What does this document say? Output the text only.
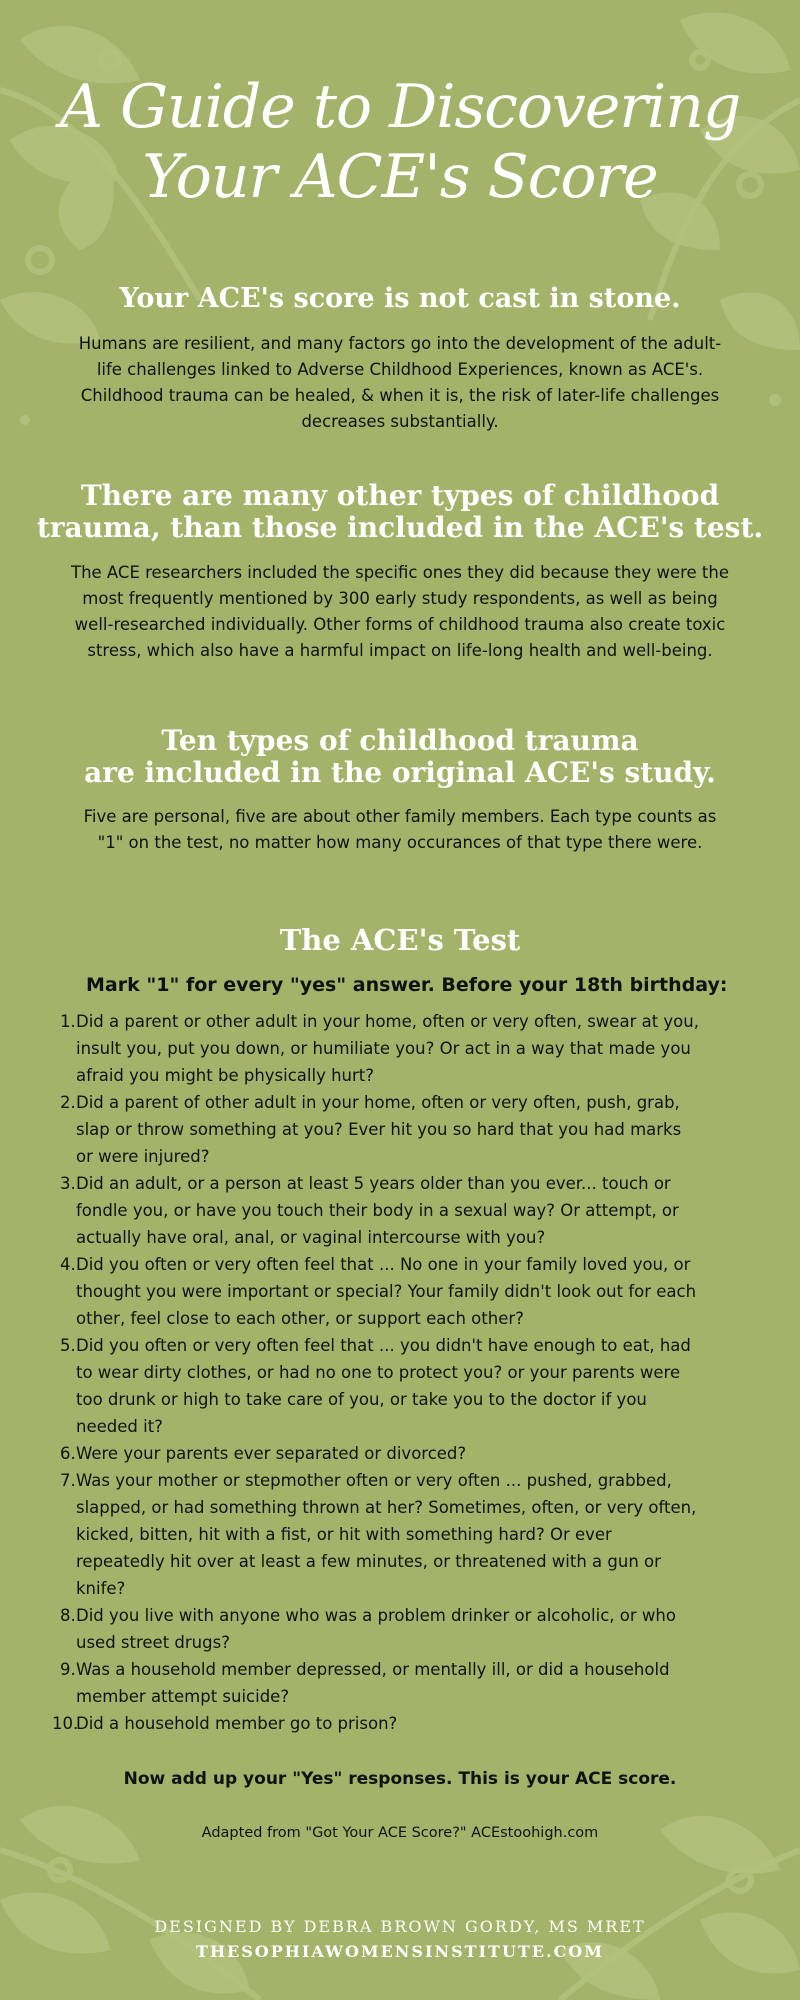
A Guide to Discovering
Your ACE's Score
Your ACE's score is not cast in stone.
Humans are resilient, and many factors go into the development of the adult-
life challenges linked to Adverse Childhood Experiences, known as ACE's.
Childhood trauma can be healed, & when it is, the risk of later-life challenges
decreases substantially.
There are many other types of childhood
trauma, than those included in the ACE's test.
The ACE researchers included the specific ones they did because they were the
most frequently mentioned by 300 early study respondents, as well as being
well-researched individually. Other forms of childhood trauma also create toxic
stress, which also have a harmful impact on life-long health and well-being.
Ten types of childhood trauma
are included in the original ACE's study.
Five are personal, five are about other family members. Each type counts as
"1" on the test, no matter how many occurances of that type there were.
The ACE's Test

Mark "1" for every "yes" answer. Before your 18th birthday:

1. Did a parent or other adult in your home, often or very often, swear at you,
insult you, put you down, or humiliate you? Or act in a way that made you
afraid you might be physically hurt?
2. Did a parent of other adult in your home, often or very often, push, grab,
slap or throw something at you? Ever hit you so hard that you had marks
or were injured?
3. Did an adult, or a person at least 5 years older than you ever... touch or
fondle you, or have you touch their body in a sexual way? Or attempt, or
actually have oral, anal, or vaginal intercourse with you?
4. Did you often or very often feel that ... No one in your family loved you, or
thought you were important or special? Your family didn't look out for each
other, feel close to each other, or support each other?
5. Did you often or very often feel that ... you didn't have enough to eat, had
to wear dirty clothes, or had no one to protect you? or your parents were
too drunk or high to take care of you, or take you to the doctor if you
needed it?
6. Were your parents ever separated or divorced?
7. Was your mother or stepmother often or very often ... pushed, grabbed,
slapped, or had something thrown at her? Sometimes, often, or very often,
kicked, bitten, hit with a fist, or hit with something hard? Or ever
repeatedly hit over at least a few minutes, or threatened with a gun or
knife?
8. Did you live with anyone who was a problem drinker or alcoholic, or who
used street drugs?
9. Was a household member depressed, or mentally ill, or did a household
member attempt suicide?
10.
Did a household member go to prison?

Now add up your "Yes" responses. This is your ACE score.

Adapted from "Got Your ACE Score?" ACEstoohigh.com

DESIGNED BY DEBRA BROWN GORDY, MS MRET

THESOPHIAWOMENSINSTITUTE.COM
